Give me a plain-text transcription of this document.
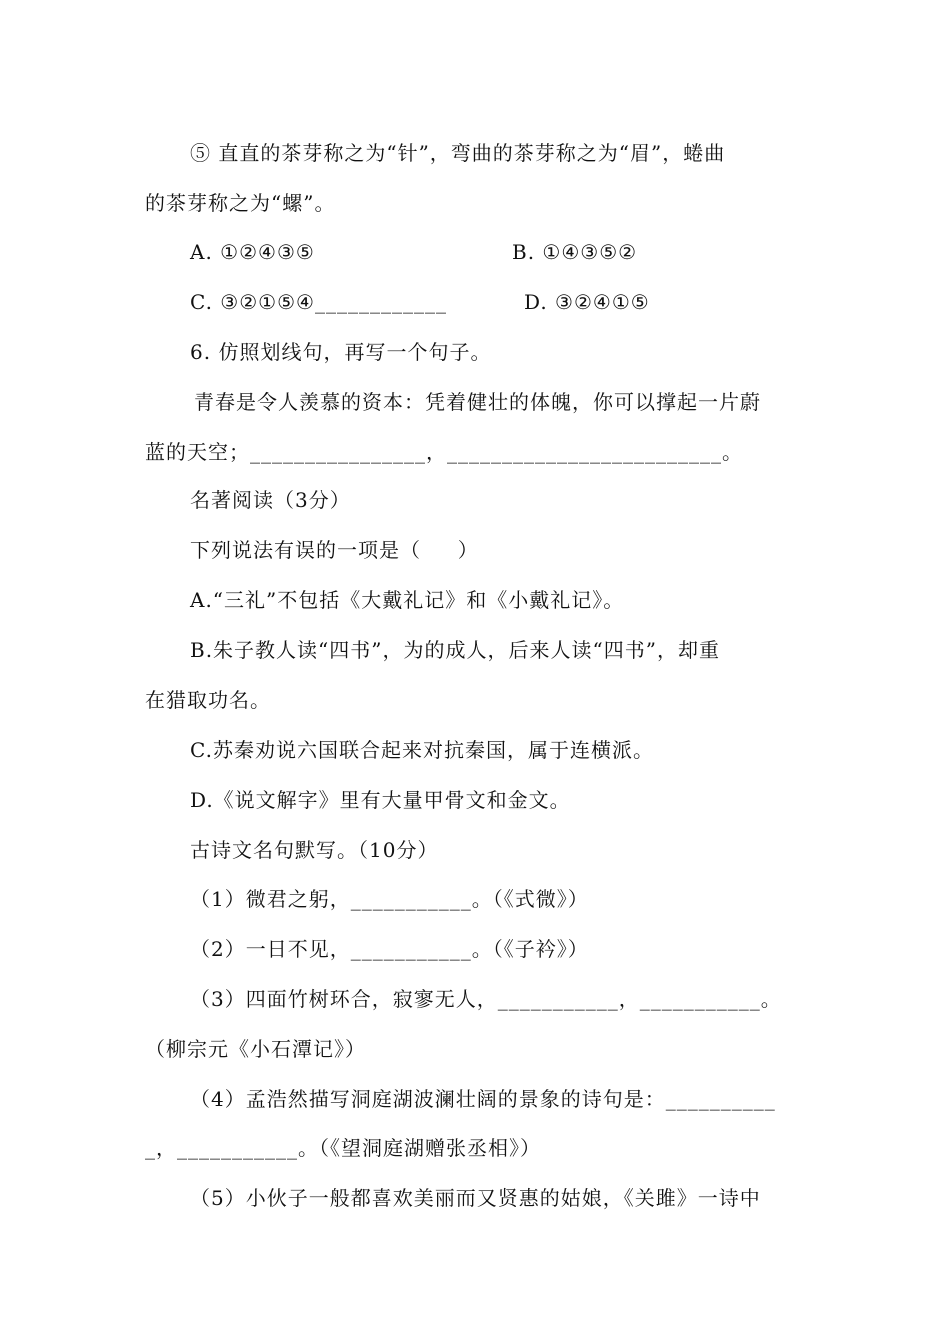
⑤ 直直的茶芽称之为“针”，弯曲的茶芽称之为“眉”，蜷曲
的茶芽称之为“螺”。
A. ①②④③⑤	B. ①④③⑤②
C. ③②①⑤④____________	D. ③②④①⑤
6. 仿照划线句，再写一个句子。
青春是令人羡慕的资本：凭着健壮的体魄，你可以撑起一片蔚
蓝的天空；________________，_________________________。
名著阅读（3分）
下列说法有误的一项是（     ）
A.“三礼”不包括《大戴礼记》和《小戴礼记》。
B.朱子教人读“四书”，为的成人，后来人读“四书”，却重
在猎取功名。
C.苏秦劝说六国联合起来对抗秦国，属于连横派。
D.《说文解字》里有大量甲骨文和金文。
古诗文名句默写。（10分）
（1）微君之躬，___________。（《式微》）
（2）一日不见，___________。（《子衿》）
（3）四面竹树环合，寂寥无人，___________，___________。
（柳宗元《小石潭记》）
（4）孟浩然描写洞庭湖波澜壮阔的景象的诗句是：__________
_，___________。（《望洞庭湖赠张丞相》）
（5）小伙子一般都喜欢美丽而又贤惠的姑娘，《关雎》一诗中
